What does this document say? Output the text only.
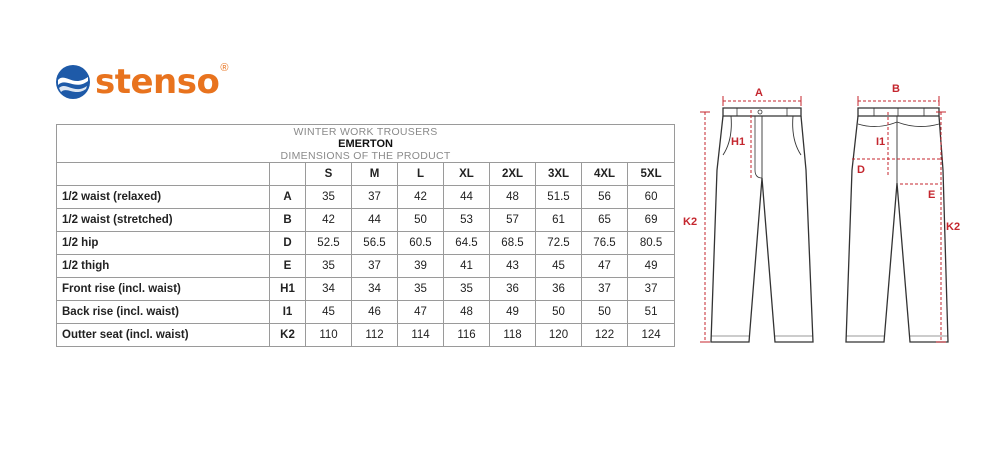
stenso ®
WINTER WORK TROUSERS
EMERTON
DIMENSIONS OF THE PRODUCT									

		S	M	L	XL	2XL	3XL	4XL	5XL
1/2 waist (relaxed)	A	35	37	42	44	48	51.5	56	60
1/2 waist (stretched)	B	42	44	50	53	57	61	65	69
1/2 hip	D	52.5	56.5	60.5	64.5	68.5	72.5	76.5	80.5
1/2 thigh	E	35	37	39	41	43	45	47	49
Front rise (incl. waist)	H1	34	34	35	35	36	36	37	37
Back rise (incl. waist)	I1	45	46	47	48	49	50	50	51
Outter seat (incl. waist)	K2	110	112	114	116	118	120	122	124
A
H1
K2
B
I1
D
E
K2
